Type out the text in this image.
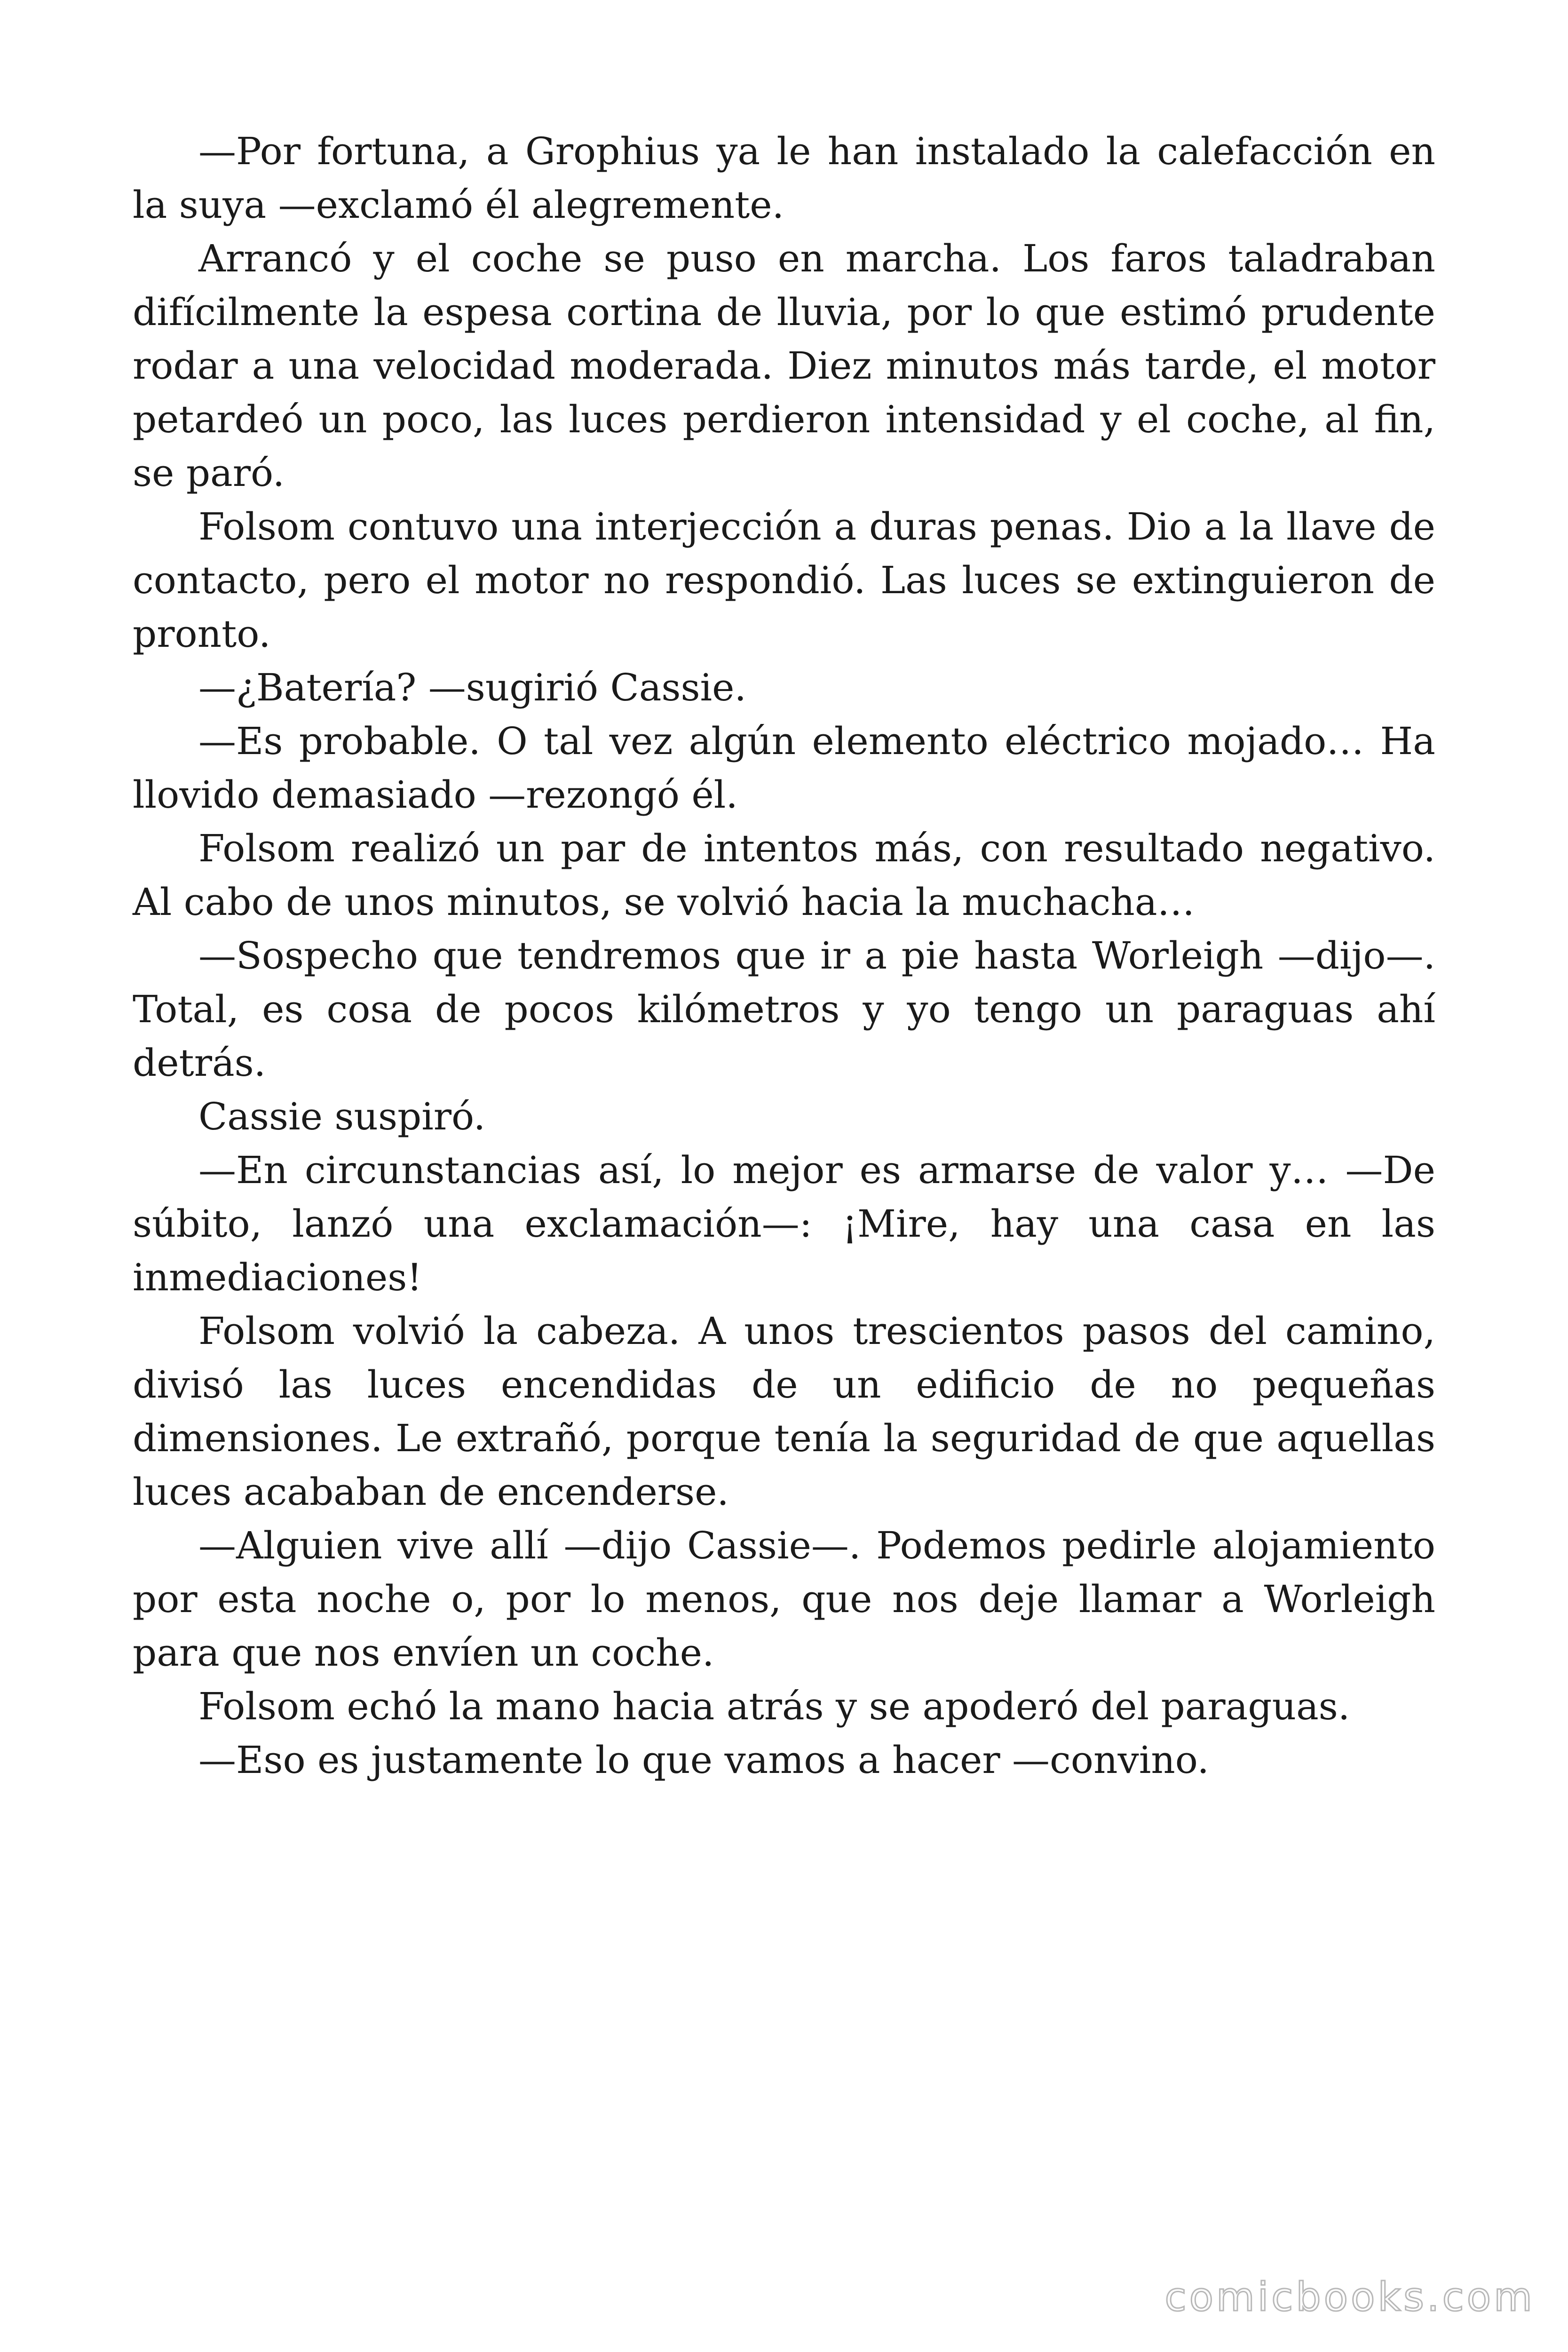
—Por fortuna, a Grophius ya le han instalado la calefacción en la suya —exclamó él alegremente.

Arrancó y el coche se puso en marcha. Los faros taladraban difícilmente la espesa cortina de lluvia, por lo que estimó prudente rodar a una velocidad moderada. Diez minutos más tarde, el motor petardeó un poco, las luces perdieron intensidad y el coche, al fin, se paró.

Folsom contuvo una interjección a duras penas. Dio a la llave de contacto, pero el motor no respondió. Las luces se extinguieron de pronto.

—¿Batería? —sugirió Cassie.

—Es probable. O tal vez algún elemento eléctrico mojado… Ha llovido demasiado —rezongó él.

Folsom realizó un par de intentos más, con resultado negativo. Al cabo de unos minutos, se volvió hacia la muchacha…

—Sospecho que tendremos que ir a pie hasta Worleigh —dijo—. Total, es cosa de pocos kilómetros y yo tengo un paraguas ahí detrás.

Cassie suspiró.

—En circunstancias así, lo mejor es armarse de valor y… —De súbito, lanzó una exclamación—: ¡Mire, hay una casa en las inmediaciones!

Folsom volvió la cabeza. A unos trescientos pasos del camino, divisó las luces encendidas de un edificio de no pequeñas dimensiones. Le extrañó, porque tenía la seguridad de que aquellas luces acababan de encenderse.

—Alguien vive allí —dijo Cassie—. Podemos pedirle alojamiento por esta noche o, por lo menos, que nos deje llamar a Worleigh para que nos envíen un coche.

Folsom echó la mano hacia atrás y se apoderó del paraguas.

—Eso es justamente lo que vamos a hacer —convino.

comicbooks.com
